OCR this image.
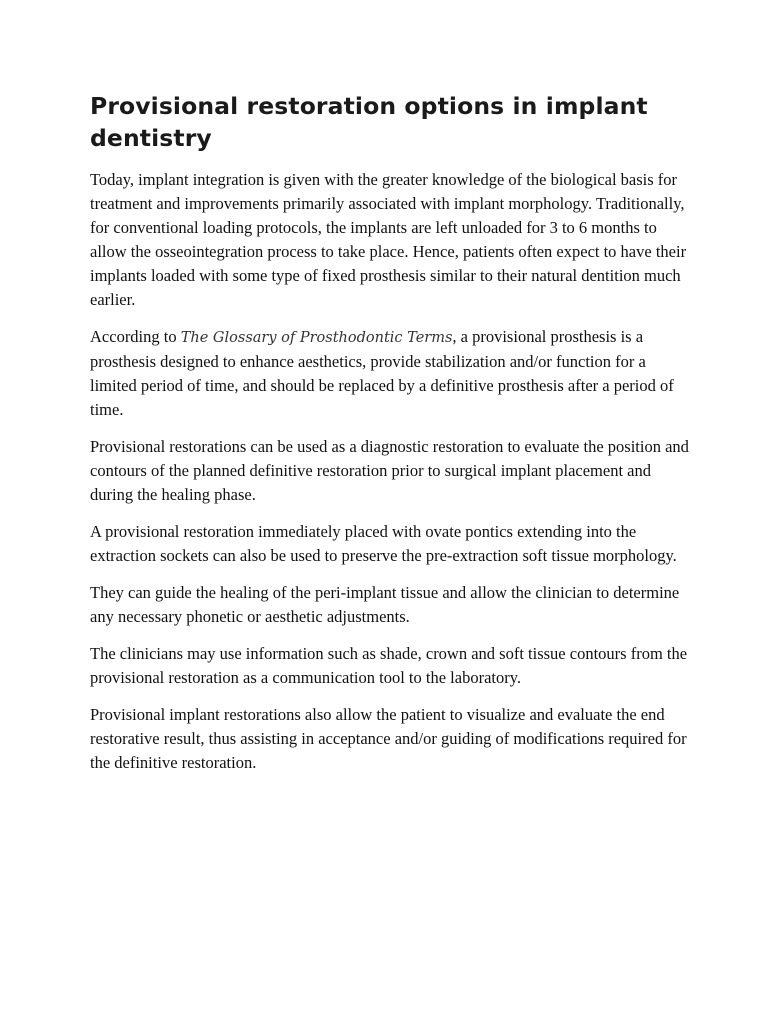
Provisional restoration options in implant dentistry

Today, implant integration is given with the greater knowledge of the biological basis for treatment and improvements primarily associated with implant morphology. Traditionally, for conventional loading protocols, the implants are left unloaded for 3 to 6 months to allow the osseointegration process to take place. Hence, patients often expect to have their implants loaded with some type of fixed prosthesis similar to their natural dentition much earlier.

According to The Glossary of Prosthodontic Terms, a provisional prosthesis is a prosthesis designed to enhance aesthetics, provide stabilization and/or function for a limited period of time, and should be replaced by a definitive prosthesis after a period of time.

Provisional restorations can be used as a diagnostic restoration to evaluate the position and contours of the planned definitive restoration prior to surgical implant placement and during the healing phase.

A provisional restoration immediately placed with ovate pontics extending into the extraction sockets can also be used to preserve the pre-extraction soft tissue morphology.

They can guide the healing of the peri-implant tissue and allow the clinician to determine any necessary phonetic or aesthetic adjustments.

The clinicians may use information such as shade, crown and soft tissue contours from the provisional restoration as a communication tool to the laboratory.

Provisional implant restorations also allow the patient to visualize and evaluate the end restorative result, thus assisting in acceptance and/or guiding of modifications required for the definitive restoration.
